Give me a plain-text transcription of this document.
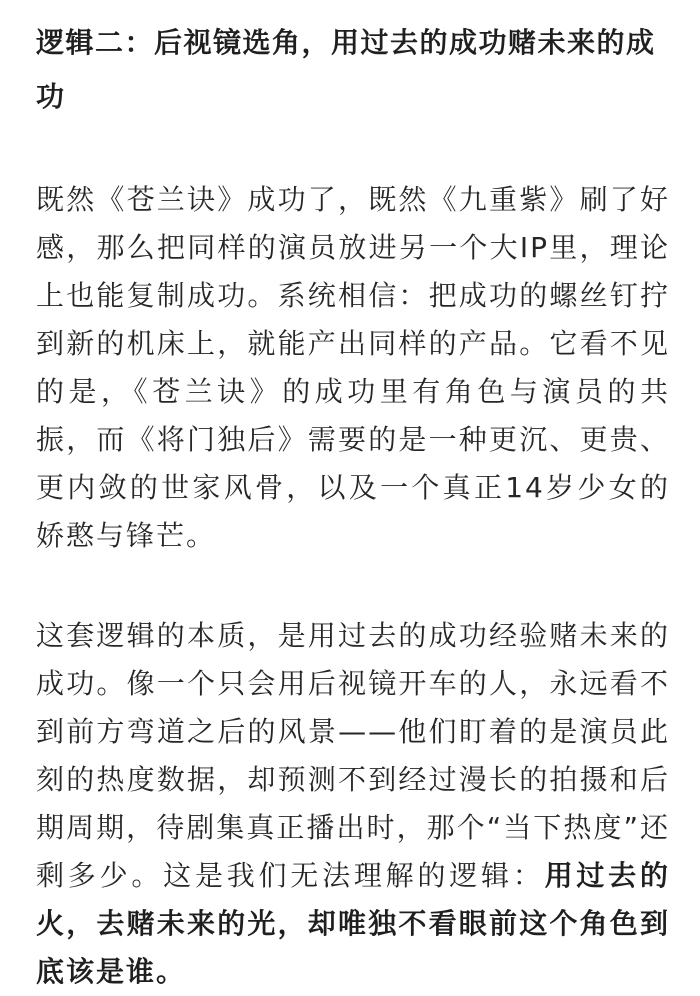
逻辑二：后视镜选角，用过去的成功赌未来的成功

既然《苍兰诀》成功了，既然《九重紫》刷了好感，那么把同样的演员放进另一个大IP里，理论上也能复制成功。系统相信：把成功的螺丝钉拧到新的机床上，就能产出同样的产品。它看不见的是，《苍兰诀》的成功里有角色与演员的共振，而《将门独后》需要的是一种更沉、更贵、更内敛的世家风骨，以及一个真正14岁少女的娇憨与锋芒。

这套逻辑的本质，是用过去的成功经验赌未来的成功。像一个只会用后视镜开车的人，永远看不到前方弯道之后的风景——他们盯着的是演员此刻的热度数据，却预测不到经过漫长的拍摄和后期周期，待剧集真正播出时，那个“当下热度”还剩多少。这是我们无法理解的逻辑：用过去的火，去赌未来的光，却唯独不看眼前这个角色到底该是谁。
